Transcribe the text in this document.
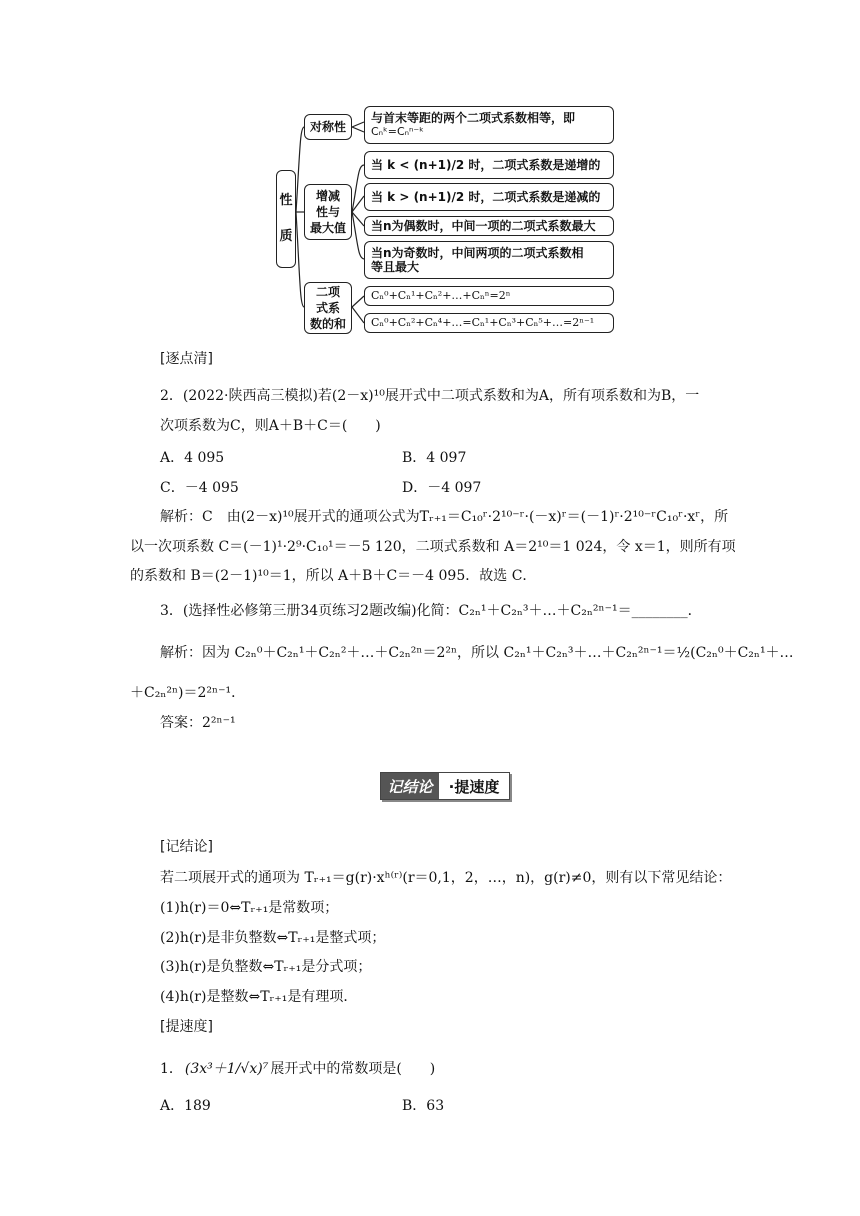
性

质
对称性
增减
性与
最大值
二项
式系
数的和
与首末等距的两个二项式系数相等，即
Cₙᵏ=Cₙⁿ⁻ᵏ
当 k < (n+1)/2 时，二项式系数是递增的
当 k > (n+1)/2 时，二项式系数是递减的
当n为偶数时，中间一项的二项式系数最大
当n为奇数时，中间两项的二项式系数相
等且最大
Cₙ⁰+Cₙ¹+Cₙ²+…+Cₙⁿ=2ⁿ
Cₙ⁰+Cₙ²+Cₙ⁴+…=Cₙ¹+Cₙ³+Cₙ⁵+…=2ⁿ⁻¹
[逐点清]
2．(2022·陕西高三模拟)若(2－x)¹⁰展开式中二项式系数和为A，所有项系数和为B，一
次项系数为C，则A＋B＋C＝(　　)
A．4 095	B．4 097
C．－4 095	D．－4 097
解析：C　由(2－x)¹⁰展开式的通项公式为Tᵣ₊₁＝C₁₀ʳ·2¹⁰⁻ʳ·(－x)ʳ＝(－1)ʳ·2¹⁰⁻ʳC₁₀ʳ·xʳ，所
以一次项系数 C＝(－1)¹·2⁹·C₁₀¹＝－5 120，二项式系数和 A＝2¹⁰＝1 024，令 x＝1，则所有项
的系数和 B＝(2－1)¹⁰＝1，所以 A＋B＋C＝－4 095．故选 C．
3．(选择性必修第三册34页练习2题改编)化简：C₂ₙ¹＋C₂ₙ³＋…＋C₂ₙ²ⁿ⁻¹＝________．
解析：因为 C₂ₙ⁰＋C₂ₙ¹＋C₂ₙ²＋…＋C₂ₙ²ⁿ＝2²ⁿ，所以 C₂ₙ¹＋C₂ₙ³＋…＋C₂ₙ²ⁿ⁻¹＝½(C₂ₙ⁰＋C₂ₙ¹＋…
＋C₂ₙ²ⁿ)＝2²ⁿ⁻¹．
答案：2²ⁿ⁻¹
记结论	·提速度
[记结论]
若二项展开式的通项为 Tᵣ₊₁＝g(r)·xʰ⁽ʳ⁾(r＝0,1，2，…，n)，g(r)≠0，则有以下常见结论：
(1)h(r)＝0⇔Tᵣ₊₁是常数项；
(2)h(r)是非负整数⇔Tᵣ₊₁是整式项；
(3)h(r)是负整数⇔Tᵣ₊₁是分式项；
(4)h(r)是整数⇔Tᵣ₊₁是有理项．
[提速度]
1． (3x³＋1/√x)⁷ 展开式中的常数项是(　　)
A．189	B．63
